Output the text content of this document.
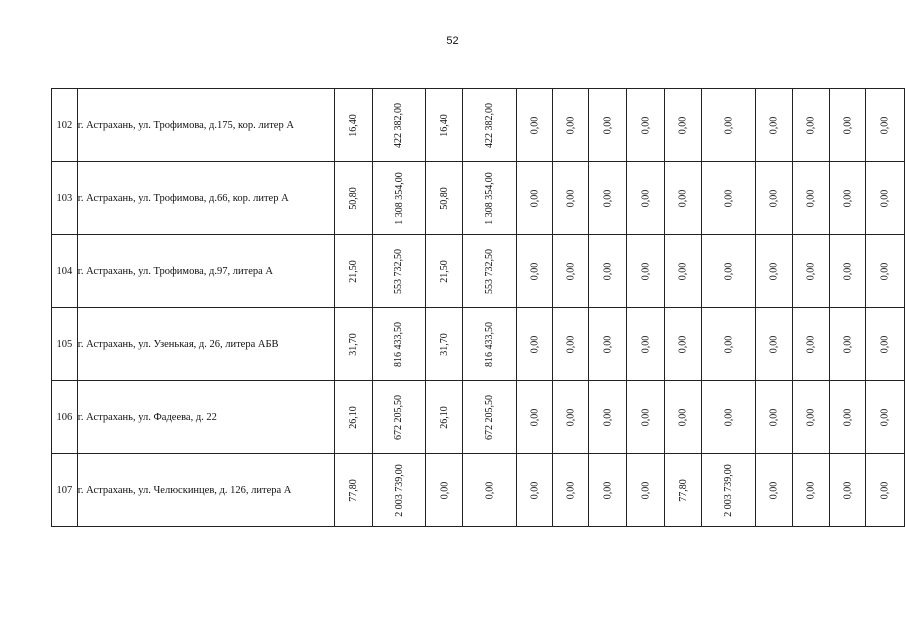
52
102	г. Астрахань, ул. Трофимова, д.175, кор. литер А	16,40	422 382,00	16,40	422 382,00	0,00	0,00	0,00	0,00	0,00	0,00	0,00	0,00	0,00	0,00
103	г. Астрахань, ул. Трофимова, д.66, кор. литер А	50,80	1 308 354,00	50,80	1 308 354,00	0,00	0,00	0,00	0,00	0,00	0,00	0,00	0,00	0,00	0,00
104	г. Астрахань, ул. Трофимова, д.97, литера А	21,50	553 732,50	21,50	553 732,50	0,00	0,00	0,00	0,00	0,00	0,00	0,00	0,00	0,00	0,00
105	г. Астрахань, ул. Узенькая, д. 26, литера АБВ	31,70	816 433,50	31,70	816 433,50	0,00	0,00	0,00	0,00	0,00	0,00	0,00	0,00	0,00	0,00
106	г. Астрахань, ул. Фадеева, д. 22	26,10	672 205,50	26,10	672 205,50	0,00	0,00	0,00	0,00	0,00	0,00	0,00	0,00	0,00	0,00
107	г. Астрахань, ул. Челюскинцев, д. 126, литера А	77,80	2 003 739,00	0,00	0,00	0,00	0,00	0,00	0,00	77,80	2 003 739,00	0,00	0,00	0,00	0,00
